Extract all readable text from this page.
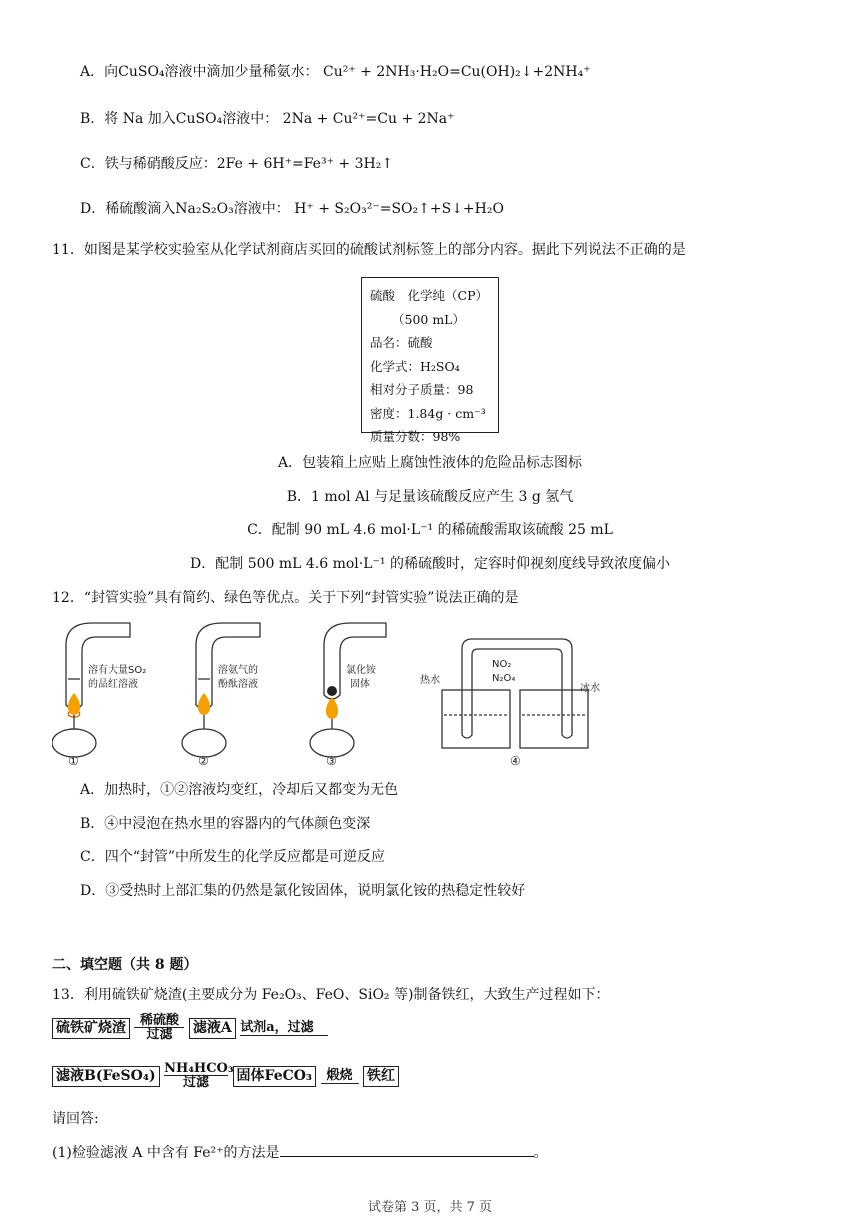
A．向CuSO₄溶液中滴加少量稀氨水： Cu²⁺ + 2NH₃·H₂O=Cu(OH)₂↓+2NH₄⁺
B．将 Na 加入CuSO₄溶液中： 2Na + Cu²⁺=Cu + 2Na⁺
C．铁与稀硝酸反应：2Fe + 6H⁺=Fe³⁺ + 3H₂↑
D．稀硫酸滴入Na₂S₂O₃溶液中： H⁺ + S₂O₃²⁻=SO₂↑+S↓+H₂O
11．如图是某学校实验室从化学试剂商店买回的硫酸试剂标签上的部分内容。据此下列说法不正确的是
硫酸　化学纯（CP）
（500 mL）
品名：硫酸
化学式：H₂SO₄
相对分子质量：98
密度：1.84g · cm⁻³
质量分数：98%
A．包装箱上应贴上腐蚀性液体的危险品标志图标
B．1 mol Al 与足量该硫酸反应产生 3 g 氢气
C．配制 90 mL 4.6 mol·L⁻¹ 的稀硫酸需取该硫酸 25 mL
D．配制 500 mL 4.6 mol·L⁻¹ 的稀硫酸时，定容时仰视刻度线导致浓度偏小
12．“封管实验”具有简约、绿色等优点。关于下列“封管实验”说法正确的是
溶有大量SO₂
的品红溶液
溶氨气的
酚酞溶液
氯化铵
固体	热水
NO₂
N₂O₄
冰水
①	②	③	④
A．加热时，①②溶液均变红，冷却后又都变为无色
B．④中浸泡在热水里的容器内的气体颜色变深
C．四个“封管”中所发生的化学反应都是可逆反应
D．③受热时上部汇集的仍然是氯化铵固体，说明氯化铵的热稳定性较好
二、填空题（共 8 题）
13．利用硫铁矿烧渣(主要成分为 Fe₂O₃、FeO、SiO₂ 等)制备铁红，大致生产过程如下：
硫铁矿烧渣	稀硫酸
过滤	滤液A 试剂a，过滤
滤液B(FeSO₄) NH₄HCO₃
过滤	固体FeCO₃	煅烧	铁红
请回答:
(1)检验滤液 A 中含有 Fe²⁺的方法是	。
试卷第 3 页，共 7 页
